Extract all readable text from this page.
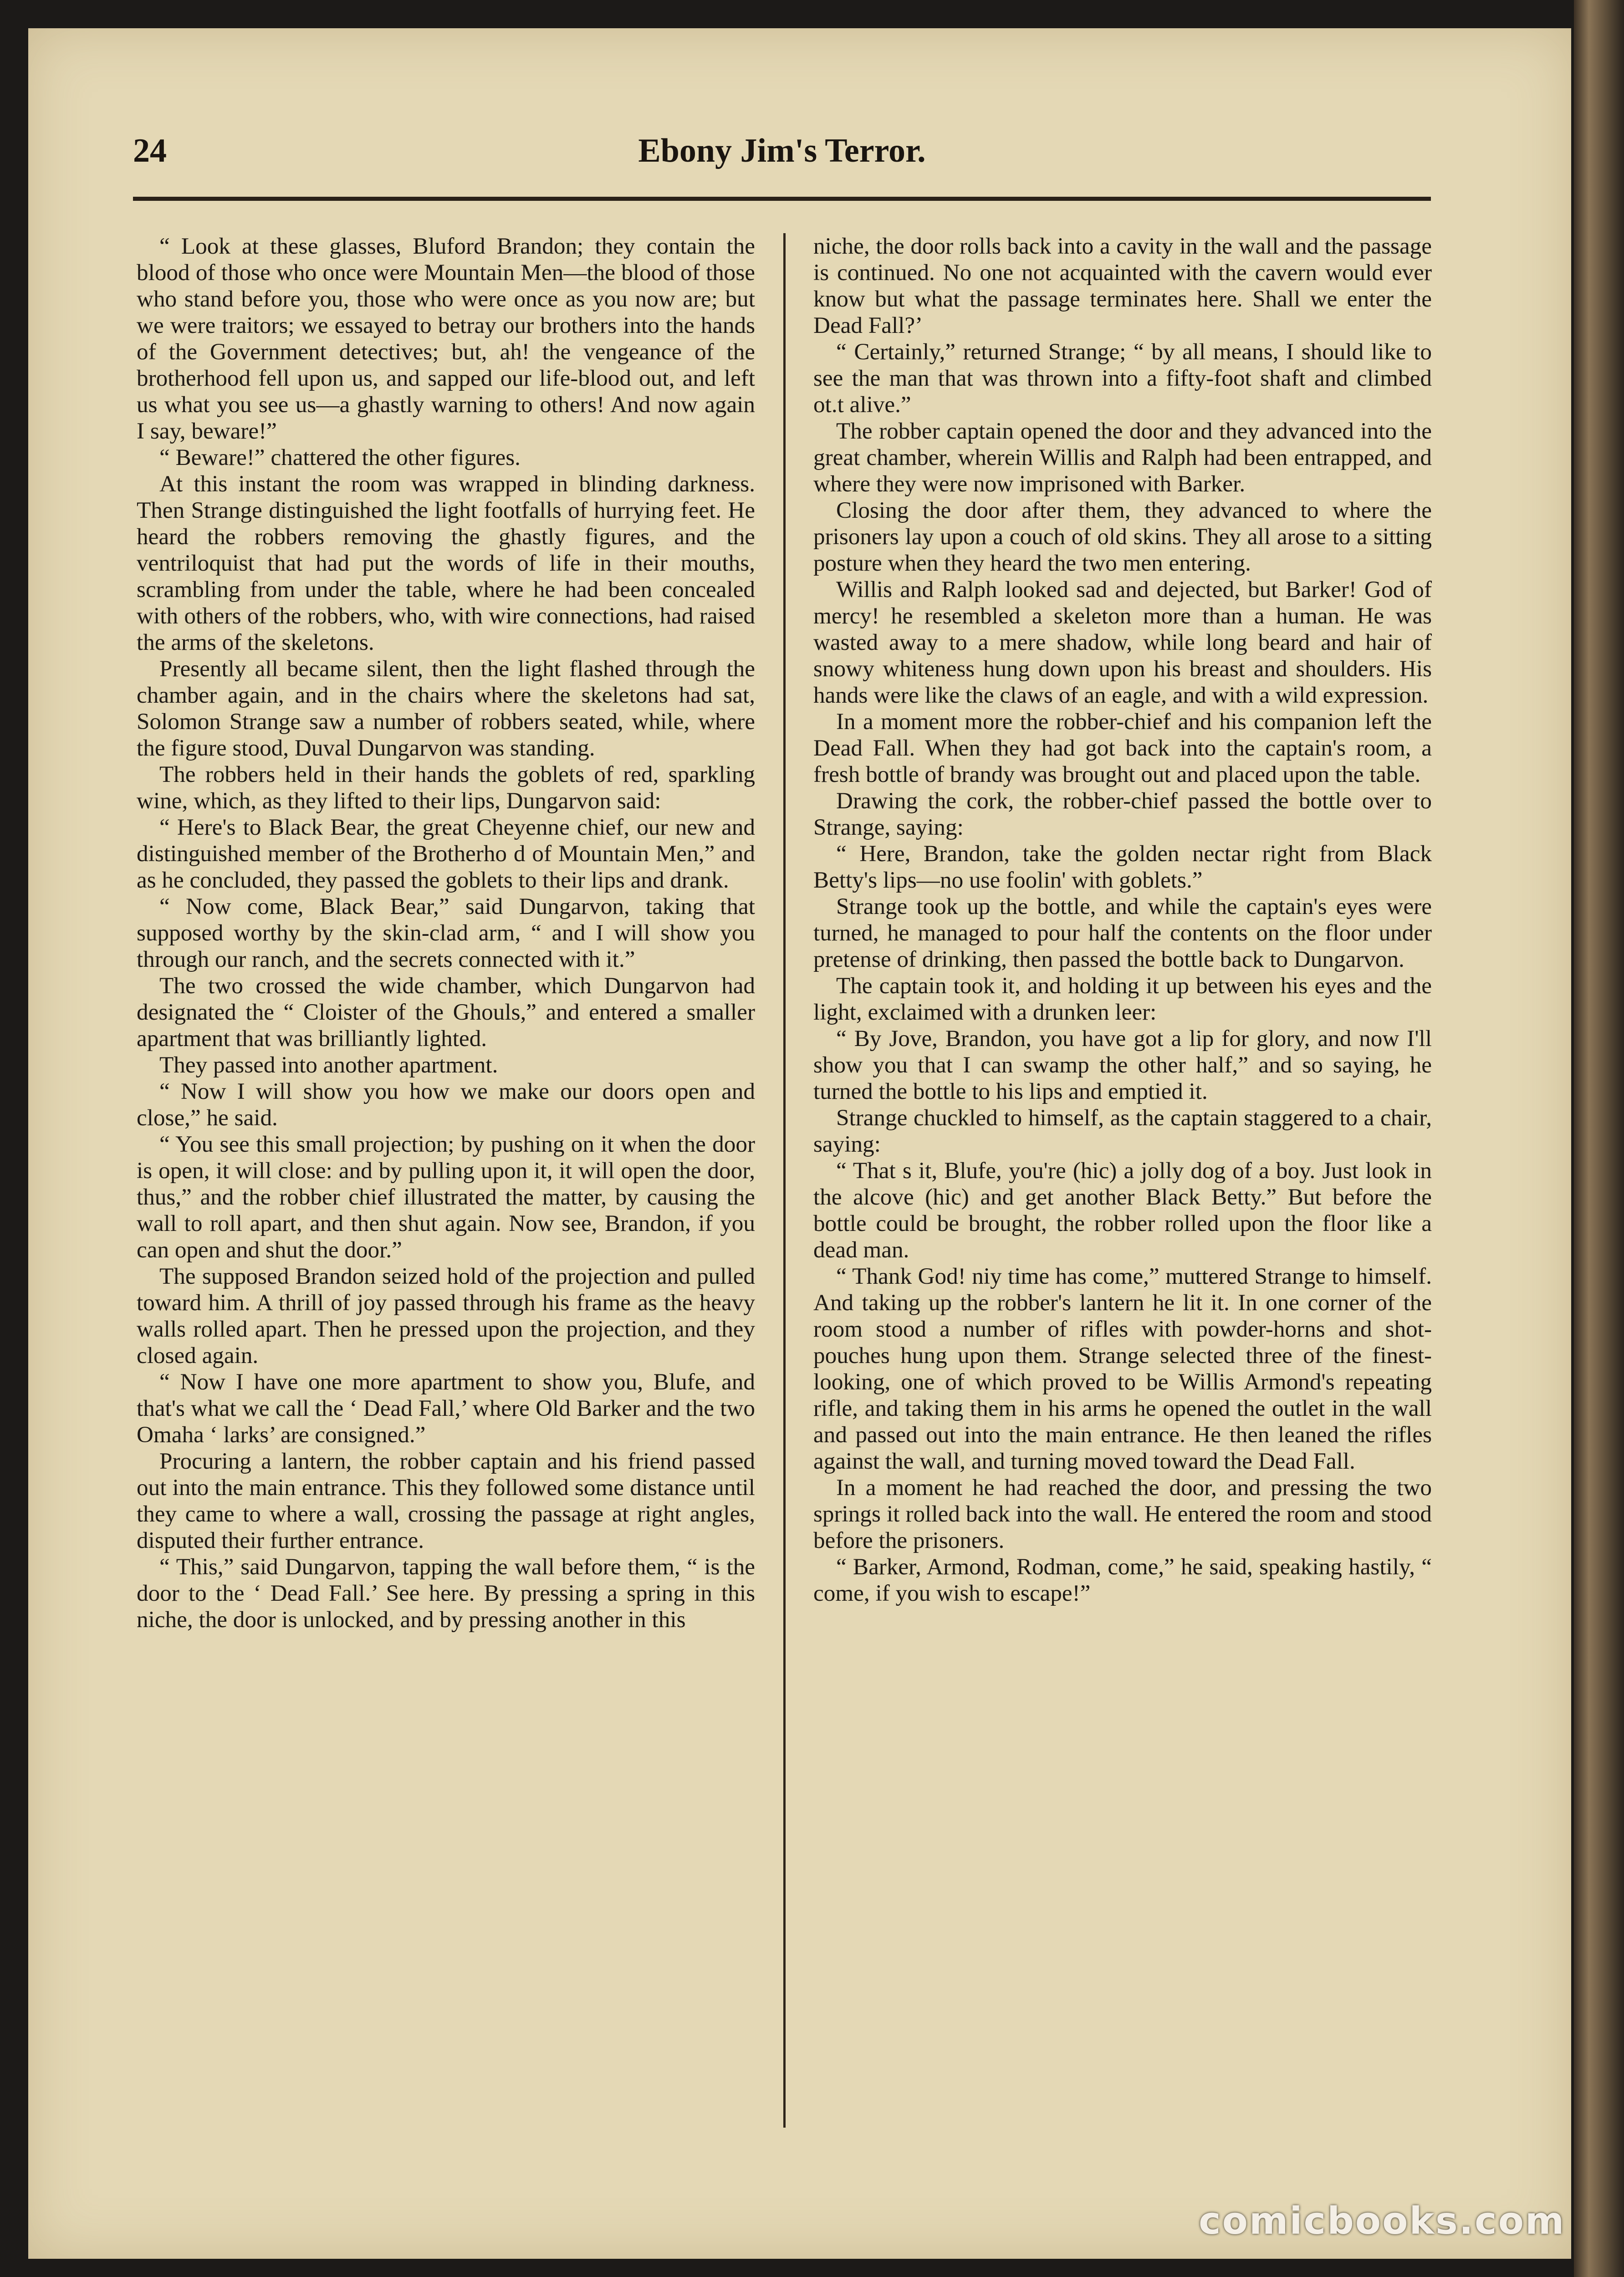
24	Ebony Jim's Terror.

“ Look at these glasses, Bluford Brandon; they contain the blood of those who once were Mountain Men—the blood of those who stand before you, those who were once as you now are; but we were traitors; we essayed to betray our brothers into the hands of the Government detectives; but, ah! the vengeance of the brotherhood fell upon us, and sapped our life-blood out, and left us what you see us—a ghastly warning to others! And now again I say, beware!”

“ Beware!” chattered the other figures.

At this instant the room was wrapped in blinding darkness. Then Strange distinguished the light footfalls of hurrying feet. He heard the robbers removing the ghastly figures, and the ventriloquist that had put the words of life in their mouths, scrambling from under the table, where he had been concealed with others of the robbers, who, with wire connections, had raised the arms of the skeletons.

Presently all became silent, then the light flashed through the chamber again, and in the chairs where the skeletons had sat, Solomon Strange saw a number of robbers seated, while, where the figure stood, Duval Dungarvon was standing.

The robbers held in their hands the goblets of red, sparkling wine, which, as they lifted to their lips, Dungarvon said:

“ Here's to Black Bear, the great Cheyenne chief, our new and distinguished member of the Brotherho d of Mountain Men,” and as he concluded, they passed the goblets to their lips and drank.

“ Now come, Black Bear,” said Dungarvon, taking that supposed worthy by the skin-clad arm, “ and I will show you through our ranch, and the secrets connected with it.”

The two crossed the wide chamber, which Dungarvon had designated the “ Cloister of the Ghouls,” and entered a smaller apartment that was brilliantly lighted.

They passed into another apartment.

“ Now I will show you how we make our doors open and close,” he said.

“ You see this small projection; by pushing on it when the door is open, it will close: and by pulling upon it, it will open the door, thus,” and the robber chief illustrated the matter, by causing the wall to roll apart, and then shut again. Now see, Brandon, if you can open and shut the door.”

The supposed Brandon seized hold of the projection and pulled toward him. A thrill of joy passed through his frame as the heavy walls rolled apart. Then he pressed upon the projection, and they closed again.

“ Now I have one more apartment to show you, Blufe, and that's what we call the ‘ Dead Fall,’ where Old Barker and the two Omaha ‘ larks’ are consigned.”

Procuring a lantern, the robber captain and his friend passed out into the main entrance. This they followed some distance until they came to where a wall, crossing the passage at right angles, disputed their further entrance.

“ This,” said Dungarvon, tapping the wall before them, “ is the door to the ‘ Dead Fall.’ See here. By pressing a spring in this niche, the door is unlocked, and by pressing another in this

niche, the door rolls back into a cavity in the wall and the passage is continued. No one not acquainted with the cavern would ever know but what the passage terminates here. Shall we enter the Dead Fall?’

“ Certainly,” returned Strange; “ by all means, I should like to see the man that was thrown into a fifty-foot shaft and climbed ot.t alive.”

The robber captain opened the door and they advanced into the great chamber, wherein Willis and Ralph had been entrapped, and where they were now imprisoned with Barker.

Closing the door after them, they advanced to where the prisoners lay upon a couch of old skins. They all arose to a sitting posture when they heard the two men entering.

Willis and Ralph looked sad and dejected, but Barker! God of mercy! he resembled a skeleton more than a human. He was wasted away to a mere shadow, while long beard and hair of snowy whiteness hung down upon his breast and shoulders. His hands were like the claws of an eagle, and with a wild expression.

In a moment more the robber-chief and his companion left the Dead Fall. When they had got back into the captain's room, a fresh bottle of brandy was brought out and placed upon the table.

Drawing the cork, the robber-chief passed the bottle over to Strange, saying:

“ Here, Brandon, take the golden nectar right from Black Betty's lips—no use foolin' with goblets.”

Strange took up the bottle, and while the captain's eyes were turned, he managed to pour half the contents on the floor under pretense of drinking, then passed the bottle back to Dungarvon.

The captain took it, and holding it up between his eyes and the light, exclaimed with a drunken leer:

“ By Jove, Brandon, you have got a lip for glory, and now I'll show you that I can swamp the other half,” and so saying, he turned the bottle to his lips and emptied it.

Strange chuckled to himself, as the captain staggered to a chair, saying:

“ That s it, Blufe, you're (hic) a jolly dog of a boy. Just look in the alcove (hic) and get another Black Betty.” But before the bottle could be brought, the robber rolled upon the floor like a dead man.

“ Thank God! niy time has come,” muttered Strange to himself. And taking up the robber's lantern he lit it. In one corner of the room stood a number of rifles with powder-horns and shot-pouches hung upon them. Strange selected three of the finest-looking, one of which proved to be Willis Armond's repeating rifle, and taking them in his arms he opened the outlet in the wall and passed out into the main entrance. He then leaned the rifles against the wall, and turning moved toward the Dead Fall.

In a moment he had reached the door, and pressing the two springs it rolled back into the wall. He entered the room and stood before the prisoners.

“ Barker, Armond, Rodman, come,” he said, speaking hastily, “ come, if you wish to escape!”

comicbooks.com
